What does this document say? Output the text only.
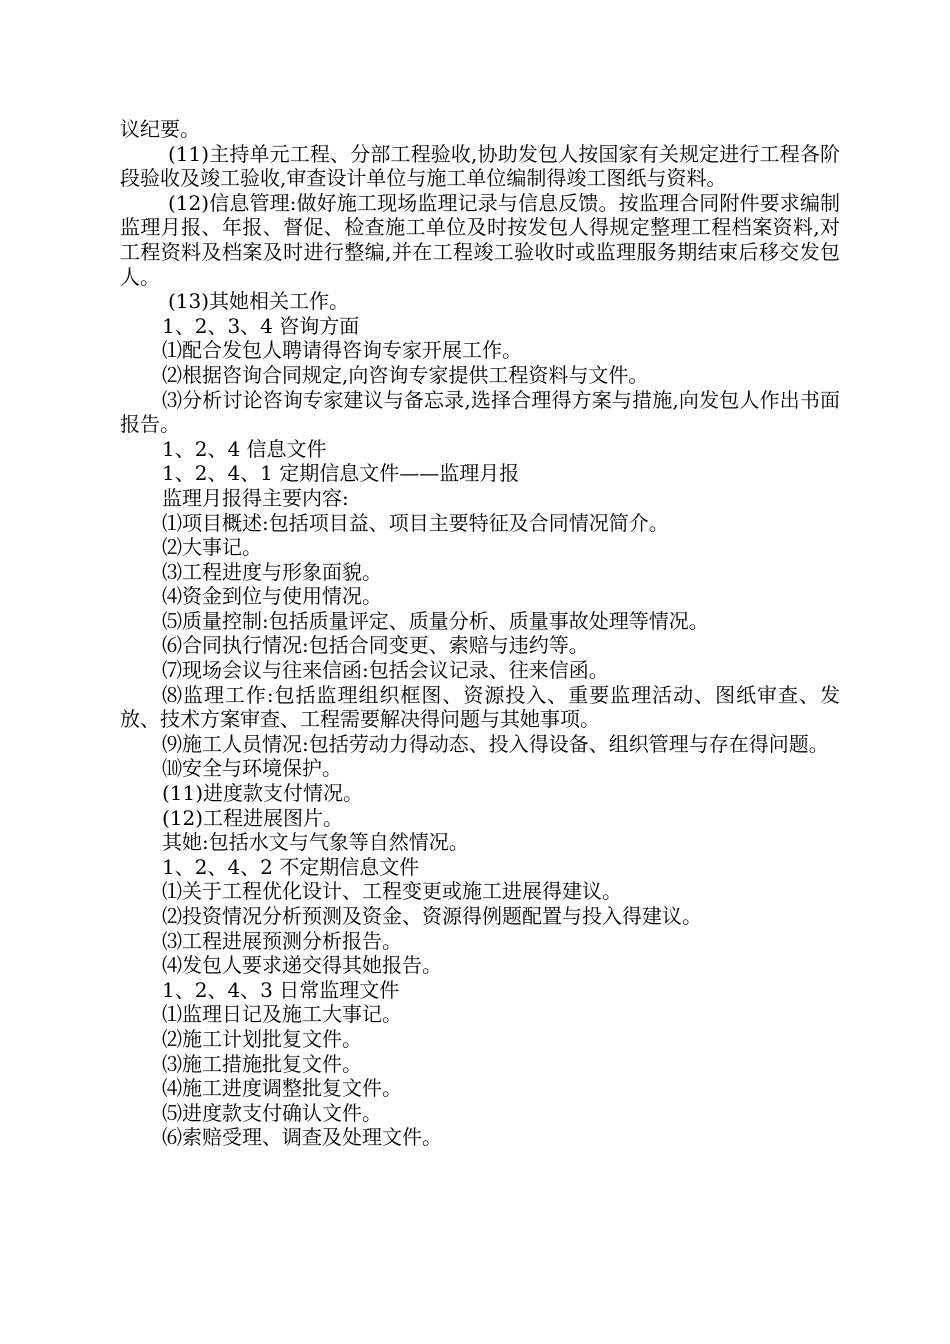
议纪要。

(11)主持单元工程、分部工程验收,协助发包人按国家有关规定进行工程各阶段验收及竣工验收,审查设计单位与施工单位编制得竣工图纸与资料。

(12)信息管理:做好施工现场监理记录与信息反馈。按监理合同附件要求编制监理月报、年报、督促、检查施工单位及时按发包人得规定整理工程档案资料,对工程资料及档案及时进行整编,并在工程竣工验收时或监理服务期结束后移交发包人。

(13)其她相关工作。

1、2、3、4 咨询方面

⑴配合发包人聘请得咨询专家开展工作。

⑵根据咨询合同规定,向咨询专家提供工程资料与文件。

⑶分析讨论咨询专家建议与备忘录,选择合理得方案与措施,向发包人作出书面报告。

1、2、4 信息文件

1、2、4、1 定期信息文件——监理月报

监理月报得主要内容:

⑴项目概述:包括项目益、项目主要特征及合同情况简介。

⑵大事记。

⑶工程进度与形象面貌。

⑷资金到位与使用情况。

⑸质量控制:包括质量评定、质量分析、质量事故处理等情况。

⑹合同执行情况:包括合同变更、索赔与违约等。

⑺现场会议与往来信函:包括会议记录、往来信函。

⑻监理工作:包括监理组织框图、资源投入、重要监理活动、图纸审查、发放、技术方案审查、工程需要解决得问题与其她事项。

⑼施工人员情况:包括劳动力得动态、投入得设备、组织管理与存在得问题。

⑽安全与环境保护。

(11)进度款支付情况。

(12)工程进展图片。

其她:包括水文与气象等自然情况。

1、2、4、2 不定期信息文件

⑴关于工程优化设计、工程变更或施工进展得建议。

⑵投资情况分析预测及资金、资源得例题配置与投入得建议。

⑶工程进展预测分析报告。

⑷发包人要求递交得其她报告。

1、2、4、3 日常监理文件

⑴监理日记及施工大事记。

⑵施工计划批复文件。

⑶施工措施批复文件。

⑷施工进度调整批复文件。

⑸进度款支付确认文件。

⑹索赔受理、调查及处理文件。
